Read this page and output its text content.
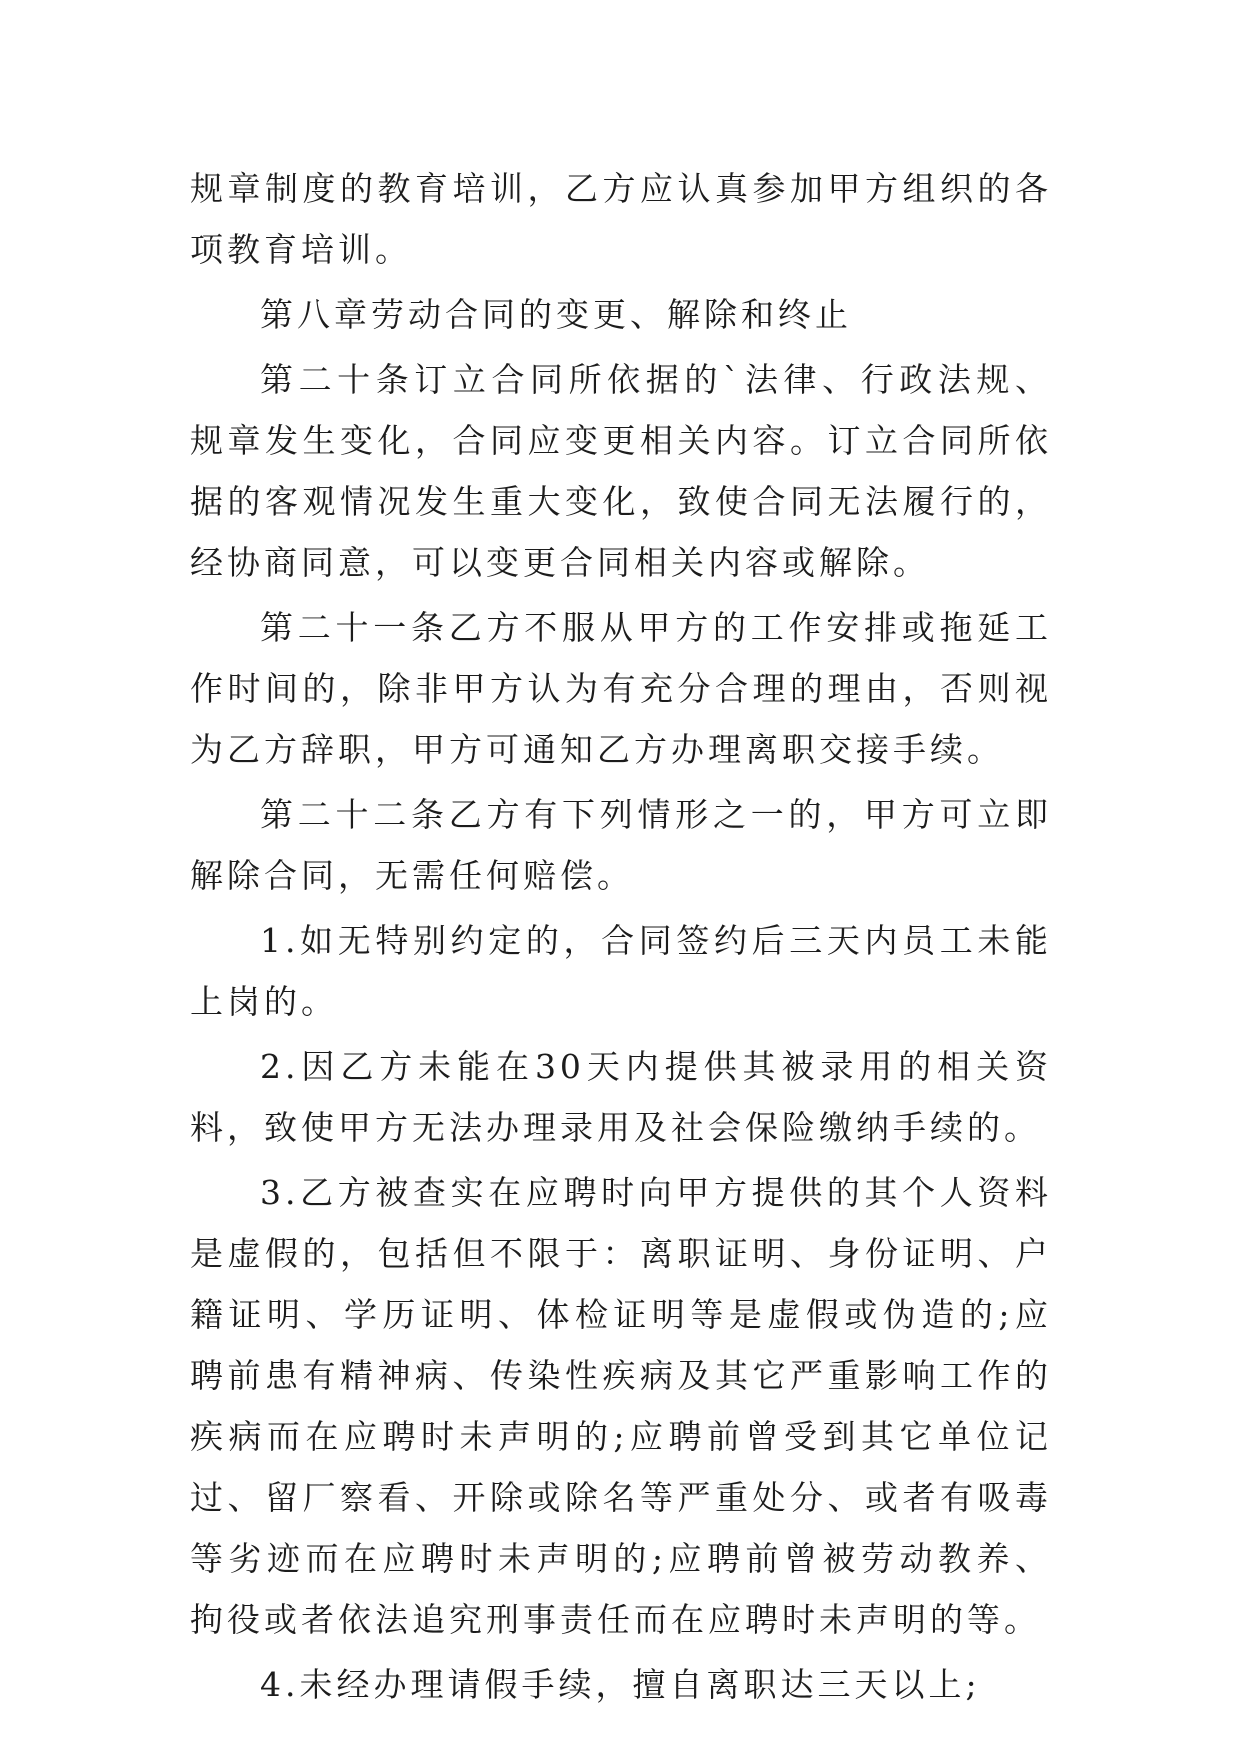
规章制度的教育培训，乙方应认真参加甲方组织的各项教育培训。

第八章劳动合同的变更、解除和终止

第二十条订立合同所依据的`法律、行政法规、规章发生变化，合同应变更相关内容。订立合同所依据的客观情况发生重大变化，致使合同无法履行的，经协商同意，可以变更合同相关内容或解除。

第二十一条乙方不服从甲方的工作安排或拖延工作时间的，除非甲方认为有充分合理的理由，否则视为乙方辞职，甲方可通知乙方办理离职交接手续。

第二十二条乙方有下列情形之一的，甲方可立即解除合同，无需任何赔偿。

1.如无特别约定的，合同签约后三天内员工未能上岗的。

2.因乙方未能在30天内提供其被录用的相关资料，致使甲方无法办理录用及社会保险缴纳手续的。

3.乙方被查实在应聘时向甲方提供的其个人资料是虚假的，包括但不限于：离职证明、身份证明、户籍证明、学历证明、体检证明等是虚假或伪造的;应聘前患有精神病、传染性疾病及其它严重影响工作的疾病而在应聘时未声明的;应聘前曾受到其它单位记过、留厂察看、开除或除名等严重处分、或者有吸毒等劣迹而在应聘时未声明的;应聘前曾被劳动教养、拘役或者依法追究刑事责任而在应聘时未声明的等。

4.未经办理请假手续，擅自离职达三天以上;
